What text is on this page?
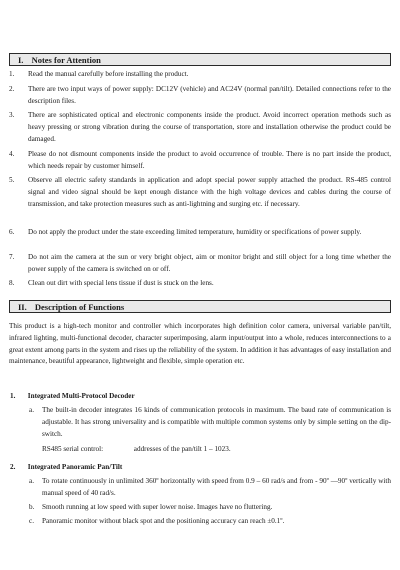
I. Notes for Attention
1.	Read the manual carefully before installing the product.
2.	There are two input ways of power supply: DC12V (vehicle) and AC24V (normal pan/tilt). Detailed connections refer to the description files.
3.	There are sophisticated optical and electronic components inside the product. Avoid incorrect operation methods such as heavy pressing or strong vibration during the course of transportation, store and installation otherwise the product could be damaged.
4.	Please do not dismount components inside the product to avoid occurrence of trouble. There is no part inside the product, which needs repair by customer himself.
5.	Observe all electric safety standards in application and adopt special power supply attached the product. RS-485 control signal and video signal should be kept enough distance with the high voltage devices and cables during the course of transmission, and take protection measures such as anti-lightning and surging etc. if necessary.
6.	Do not apply the product under the state exceeding limited temperature, humidity or specifications of power supply.
7.	Do not aim the camera at the sun or very bright object, aim or monitor bright and still object for a long time whether the power supply of the camera is switched on or off.
8.	Clean out dirt with special lens tissue if dust is stuck on the lens.
II. Description of Functions
This product is a high-tech monitor and controller which incorporates high definition color camera, universal variable pan/tilt, infrared lighting, multi-functional decoder, character superimposing, alarm input/output into a whole, reduces interconnections to a great extent among parts in the system and rises up the reliability of the system. In addition it has advantages of easy installation and maintenance, beautiful appearance, lightweight and flexible, simple operation etc.
1. Integrated Multi-Protocol Decoder
a.	The built-in decoder integrates 16 kinds of communication protocols in maximum. The baud rate of communication is adjustable. It has strong universality and is compatible with multiple common systems only by simple setting on the dip-switch.
RS485 serial control:	addresses of the pan/tilt 1 – 1023.
2. Integrated Panoramic Pan/Tilt
a.	To rotate continuously in unlimited 360º horizontally with speed from 0.9 – 60 rad/s and from - 90º —90º vertically with manual speed of 40 rad/s.
b.	Smooth running at low speed with super lower noise. Images have no fluttering.
c.	Panoramic monitor without black spot and the positioning accuracy can reach ±0.1º.
